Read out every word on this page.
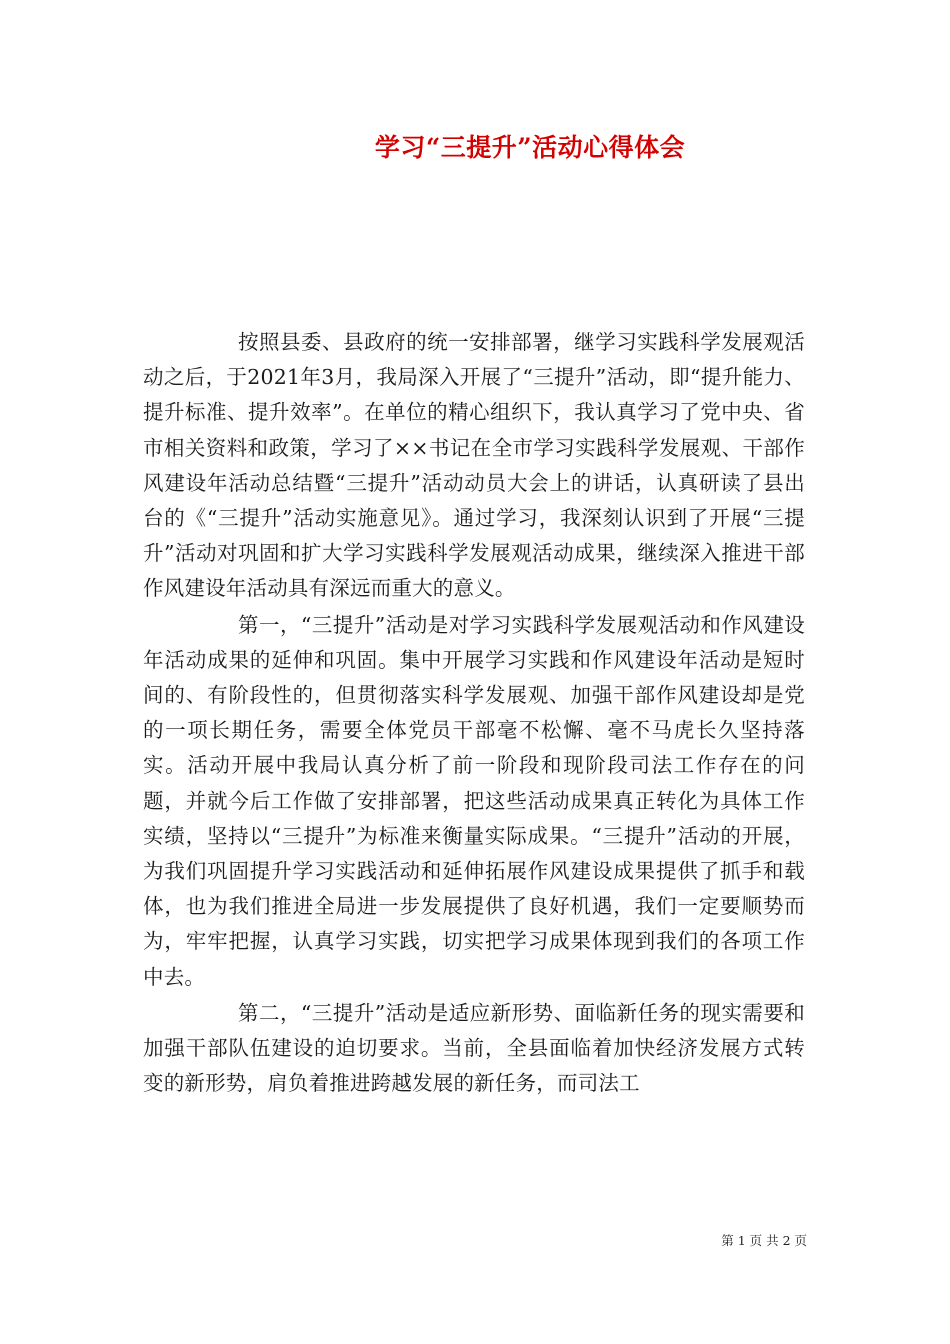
学习“三提升”活动心得体会

按照县委、县政府的统一安排部署，继学习实践科学发展观活动之后，于2021年3月，我局深入开展了“三提升”活动，即“提升能力、提升标准、提升效率”。在单位的精心组织下，我认真学习了党中央、省市相关资料和政策，学习了××书记在全市学习实践科学发展观、干部作风建设年活动总结暨“三提升”活动动员大会上的讲话，认真研读了县出台的《“三提升”活动实施意见》。通过学习，我深刻认识到了开展“三提升”活动对巩固和扩大学习实践科学发展观活动成果，继续深入推进干部作风建设年活动具有深远而重大的意义。

第一，“三提升”活动是对学习实践科学发展观活动和作风建设年活动成果的延伸和巩固。集中开展学习实践和作风建设年活动是短时间的、有阶段性的，但贯彻落实科学发展观、加强干部作风建设却是党的一项长期任务，需要全体党员干部毫不松懈、毫不马虎长久坚持落实。活动开展中我局认真分析了前一阶段和现阶段司法工作存在的问题，并就今后工作做了安排部署，把这些活动成果真正转化为具体工作实绩，坚持以“三提升”为标准来衡量实际成果。“三提升”活动的开展，为我们巩固提升学习实践活动和延伸拓展作风建设成果提供了抓手和载体，也为我们推进全局进一步发展提供了良好机遇，我们一定要顺势而为，牢牢把握，认真学习实践，切实把学习成果体现到我们的各项工作中去。

第二，“三提升”活动是适应新形势、面临新任务的现实需要和加强干部队伍建设的迫切要求。当前，全县面临着加快经济发展方式转变的新形势，肩负着推进跨越发展的新任务，而司法工

第 1 页 共 2 页
